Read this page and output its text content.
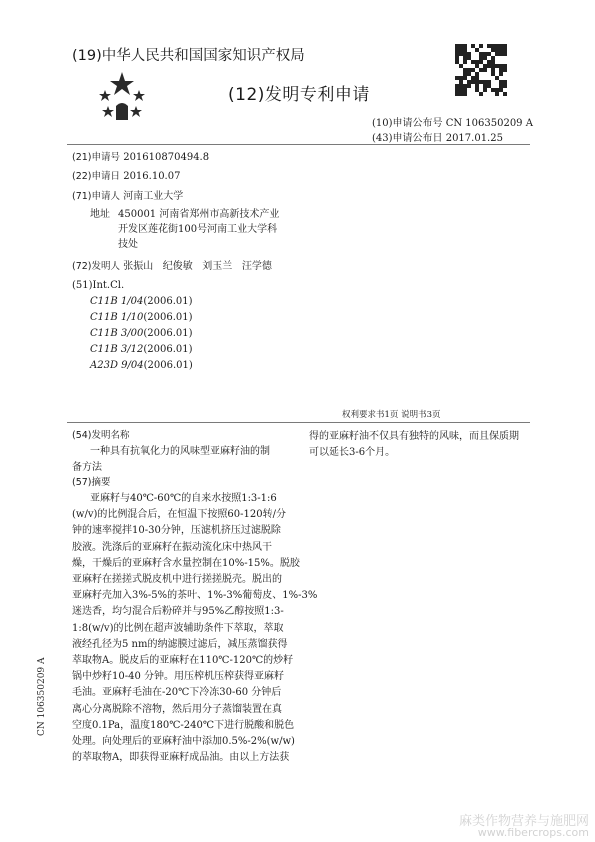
(19)中华人民共和国国家知识产权局
(12)发明专利申请
(10)申请公布号 CN 106350209 A
(43)申请公布日 2017.01.25
(21)申请号 201610870494.8
(22)申请日 2016.10.07
(71)申请人 河南工业大学
地址 450001 河南省郑州市高新技术产业
开发区莲花街100号河南工业大学科
技处
(72)发明人 张振山 纪俊敏 刘玉兰 汪学德
(51)Int.Cl.
C11B 1/04(2006.01)
C11B 1/10(2006.01)
C11B 3/00(2006.01)
C11B 3/12(2006.01)
A23D 9/04(2006.01)
权利要求书1页 说明书3页
(54)发明名称
一种具有抗氧化力的风味型亚麻籽油的制
备方法
(57)摘要
亚麻籽与40℃-60℃的自来水按照1:3-1:6
(w/v)的比例混合后，在恒温下按照60-120转/分
钟的速率搅拌10-30分钟，压滤机挤压过滤脱除
胶液。洗涤后的亚麻籽在振动流化床中热风干
燥，干燥后的亚麻籽含水量控制在10%-15%。脱胶
亚麻籽在搓搓式脱皮机中进行搓搓脱壳。脱出的
亚麻籽壳加入3%-5%的茶叶、1%-3%葡萄皮、1%-3%
迷迭香，均匀混合后粉碎并与95%乙醇按照1:3-
1:8(w/v)的比例在超声波辅助条件下萃取，萃取
液经孔径为5 nm的纳滤膜过滤后，减压蒸馏获得
萃取物A。脱皮后的亚麻籽在110℃-120℃的炒籽
锅中炒籽10-40 分钟。用压榨机压榨获得亚麻籽
毛油。亚麻籽毛油在-20℃下冷冻30-60 分钟后
离心分离脱除不溶物，然后用分子蒸馏装置在真
空度0.1Pa，温度180℃-240℃下进行脱酸和脱色
处理。向处理后的亚麻籽油中添加0.5%-2%(w/w)
的萃取物A，即获得亚麻籽成品油。由以上方法获
得的亚麻籽油不仅具有独特的风味，而且保质期
可以延长3-6个月。
CN 106350209 A
麻类作物营养与施肥网
www.fibercrops.com
